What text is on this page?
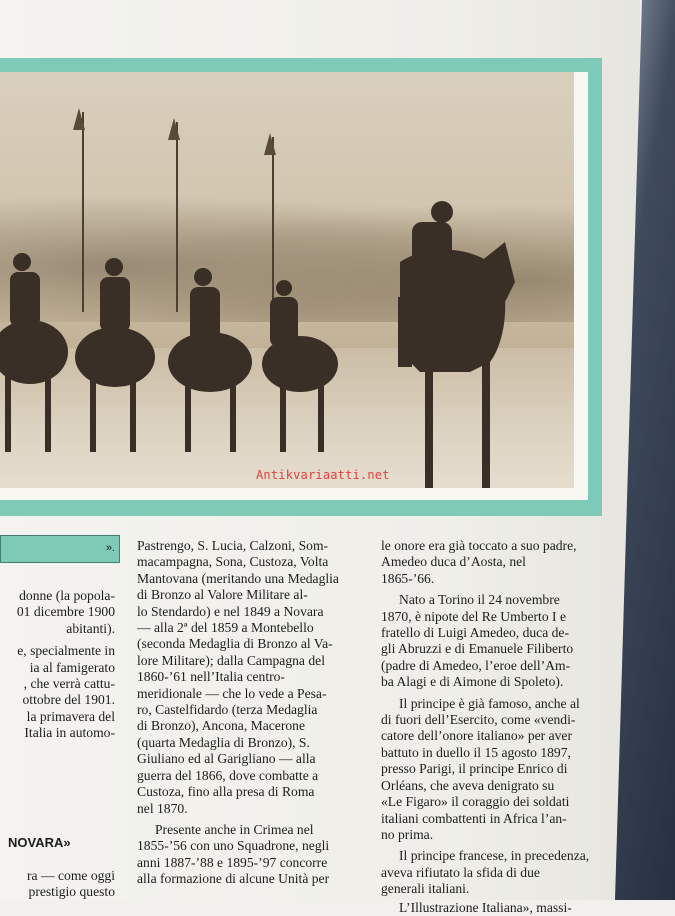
Antikvariaatti.net
».
donne (la popola-
01 dicembre 1900
abitanti).
e, specialmente in
ia al famigerato
, che verrà cattu-
ottobre del 1901.
la primavera del
Italia in automo-
NOVARA»
ra — come oggi
prestigio questo
Pastrengo, S. Lucia, Calzoni, Som-
macampagna, Sona, Custoza, Volta
Mantovana (meritando una Medaglia
di Bronzo al Valore Militare al-
lo Stendardo) e nel 1849 a Novara
— alla 2ª del 1859 a Montebello
(seconda Medaglia di Bronzo al Va-
lore Militare); dalla Campagna del
1860-’61 nell’Italia centro-
meridionale — che lo vede a Pesa-
ro, Castelfidardo (terza Medaglia
di Bronzo), Ancona, Macerone
(quarta Medaglia di Bronzo), S.
Giuliano ed al Garigliano — alla
guerra del 1866, dove combatte a
Custoza, fino alla presa di Roma
nel 1870.
Presente anche in Crimea nel
1855-’56 con uno Squadrone, negli
anni 1887-’88 e 1895-’97 concorre
alla formazione di alcune Unità per
le onore era già toccato a suo padre,
Amedeo duca d’Aosta, nel
1865-’66.
Nato a Torino il 24 novembre
1870, è nipote del Re Umberto I e
fratello di Luigi Amedeo, duca de-
gli Abruzzi e di Emanuele Filiberto
(padre di Amedeo, l’eroe dell’Am-
ba Alagi e di Aimone di Spoleto).
Il principe è già famoso, anche al
di fuori dell’Esercito, come «vendi-
catore dell’onore italiano» per aver
battuto in duello il 15 agosto 1897,
presso Parigi, il principe Enrico di
Orléans, che aveva denigrato su
«Le Figaro» il coraggio dei soldati
italiani combattenti in Africa l’an-
no prima.
Il principe francese, in precedenza,
aveva rifiutato la sfida di due
generali italiani.
L’Illustrazione Italiana», massi-
